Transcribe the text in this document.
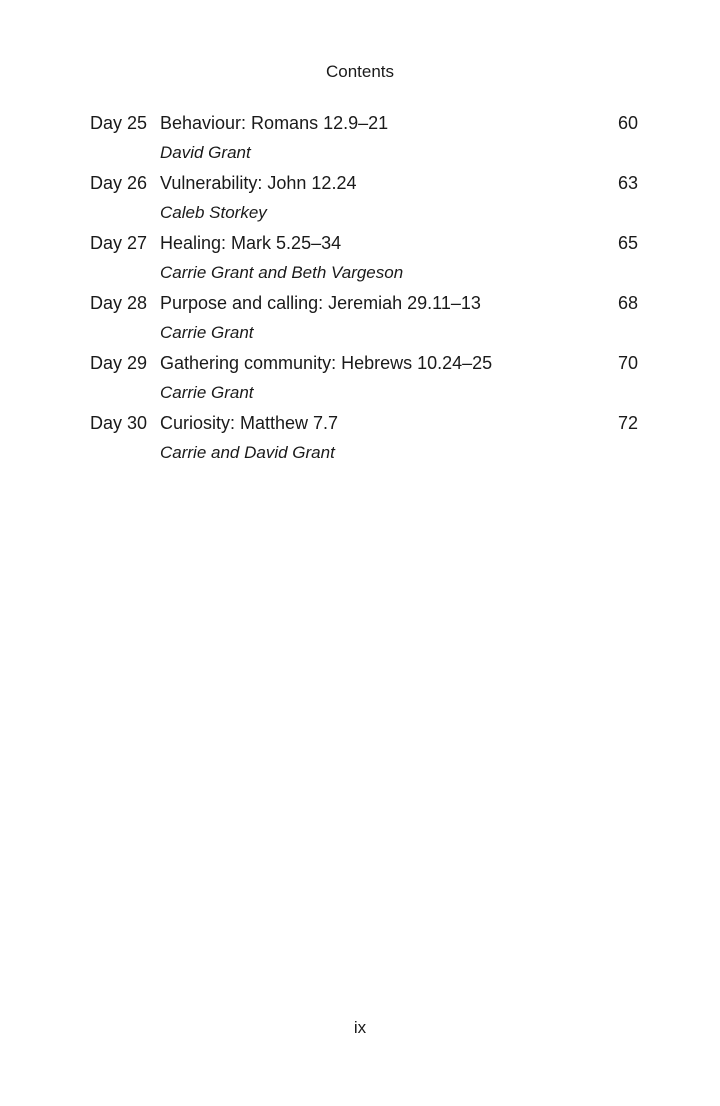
Contents
Day 25 Behaviour: Romans 12.9–21	60
David Grant
Day 26 Vulnerability: John 12.24	63
Caleb Storkey
Day 27 Healing: Mark 5.25–34	65
Carrie Grant and Beth Vargeson
Day 28 Purpose and calling: Jeremiah 29.11–13	68
Carrie Grant
Day 29 Gathering community: Hebrews 10.24–25	70
Carrie Grant
Day 30 Curiosity: Matthew 7.7	72
Carrie and David Grant
ix
